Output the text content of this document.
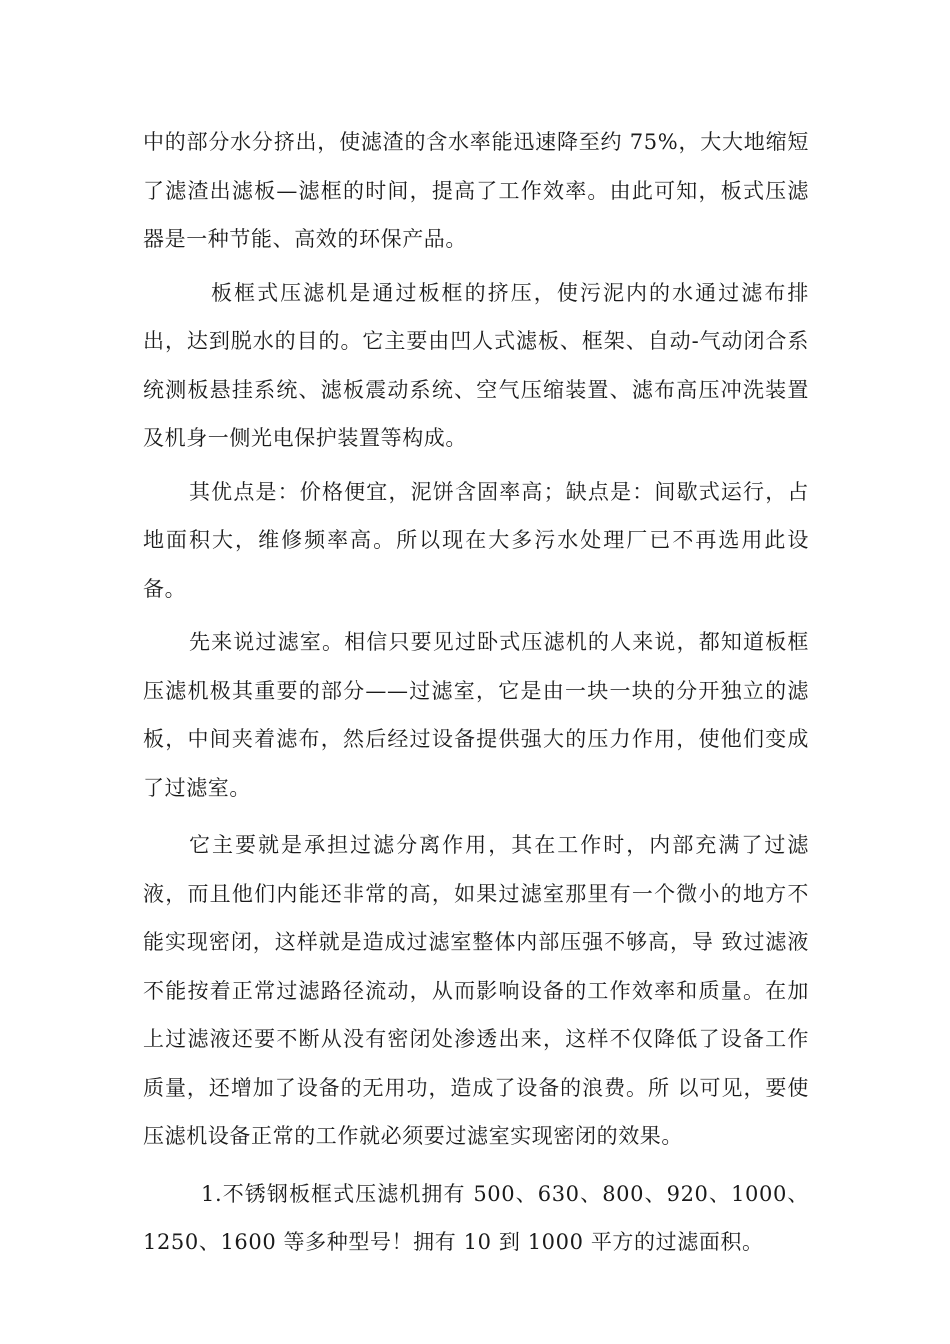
中的部分水分挤出，使滤渣的含水率能迅速降至约 75%，大大地缩短了滤渣出滤板—滤框的时间，提高了工作效率。由此可知，板式压滤器是一种节能、高效的环保产品。

板框式压滤机是通过板框的挤压，使污泥内的水通过滤布排出，达到脱水的目的。它主要由凹人式滤板、框架、自动-气动闭合系统测板悬挂系统、滤板震动系统、空气压缩装置、滤布高压冲洗装置及机身一侧光电保护装置等构成。

其优点是：价格便宜，泥饼含固率高；缺点是：间歇式运行，占地面积大，维修频率高。所以现在大多污水处理厂已不再选用此设备。

先来说过滤室。相信只要见过卧式压滤机的人来说，都知道板框压滤机极其重要的部分——过滤室，它是由一块一块的分开独立的滤板，中间夹着滤布，然后经过设备提供强大的压力作用，使他们变成了过滤室。

它主要就是承担过滤分离作用，其在工作时，内部充满了过滤液，而且他们内能还非常的高，如果过滤室那里有一个微小的地方不能实现密闭，这样就是造成过滤室整体内部压强不够高，导 致过滤液不能按着正常过滤路径流动，从而影响设备的工作效率和质量。在加上过滤液还要不断从没有密闭处渗透出来，这样不仅降低了设备工作质量，还增加了设备的无用功，造成了设备的浪费。所 以可见，要使压滤机设备正常的工作就必须要过滤室实现密闭的效果。

1.不锈钢板框式压滤机拥有 500、630、800、920、1000、1250、1600 等多种型号！拥有 10 到 1000 平方的过滤面积。
